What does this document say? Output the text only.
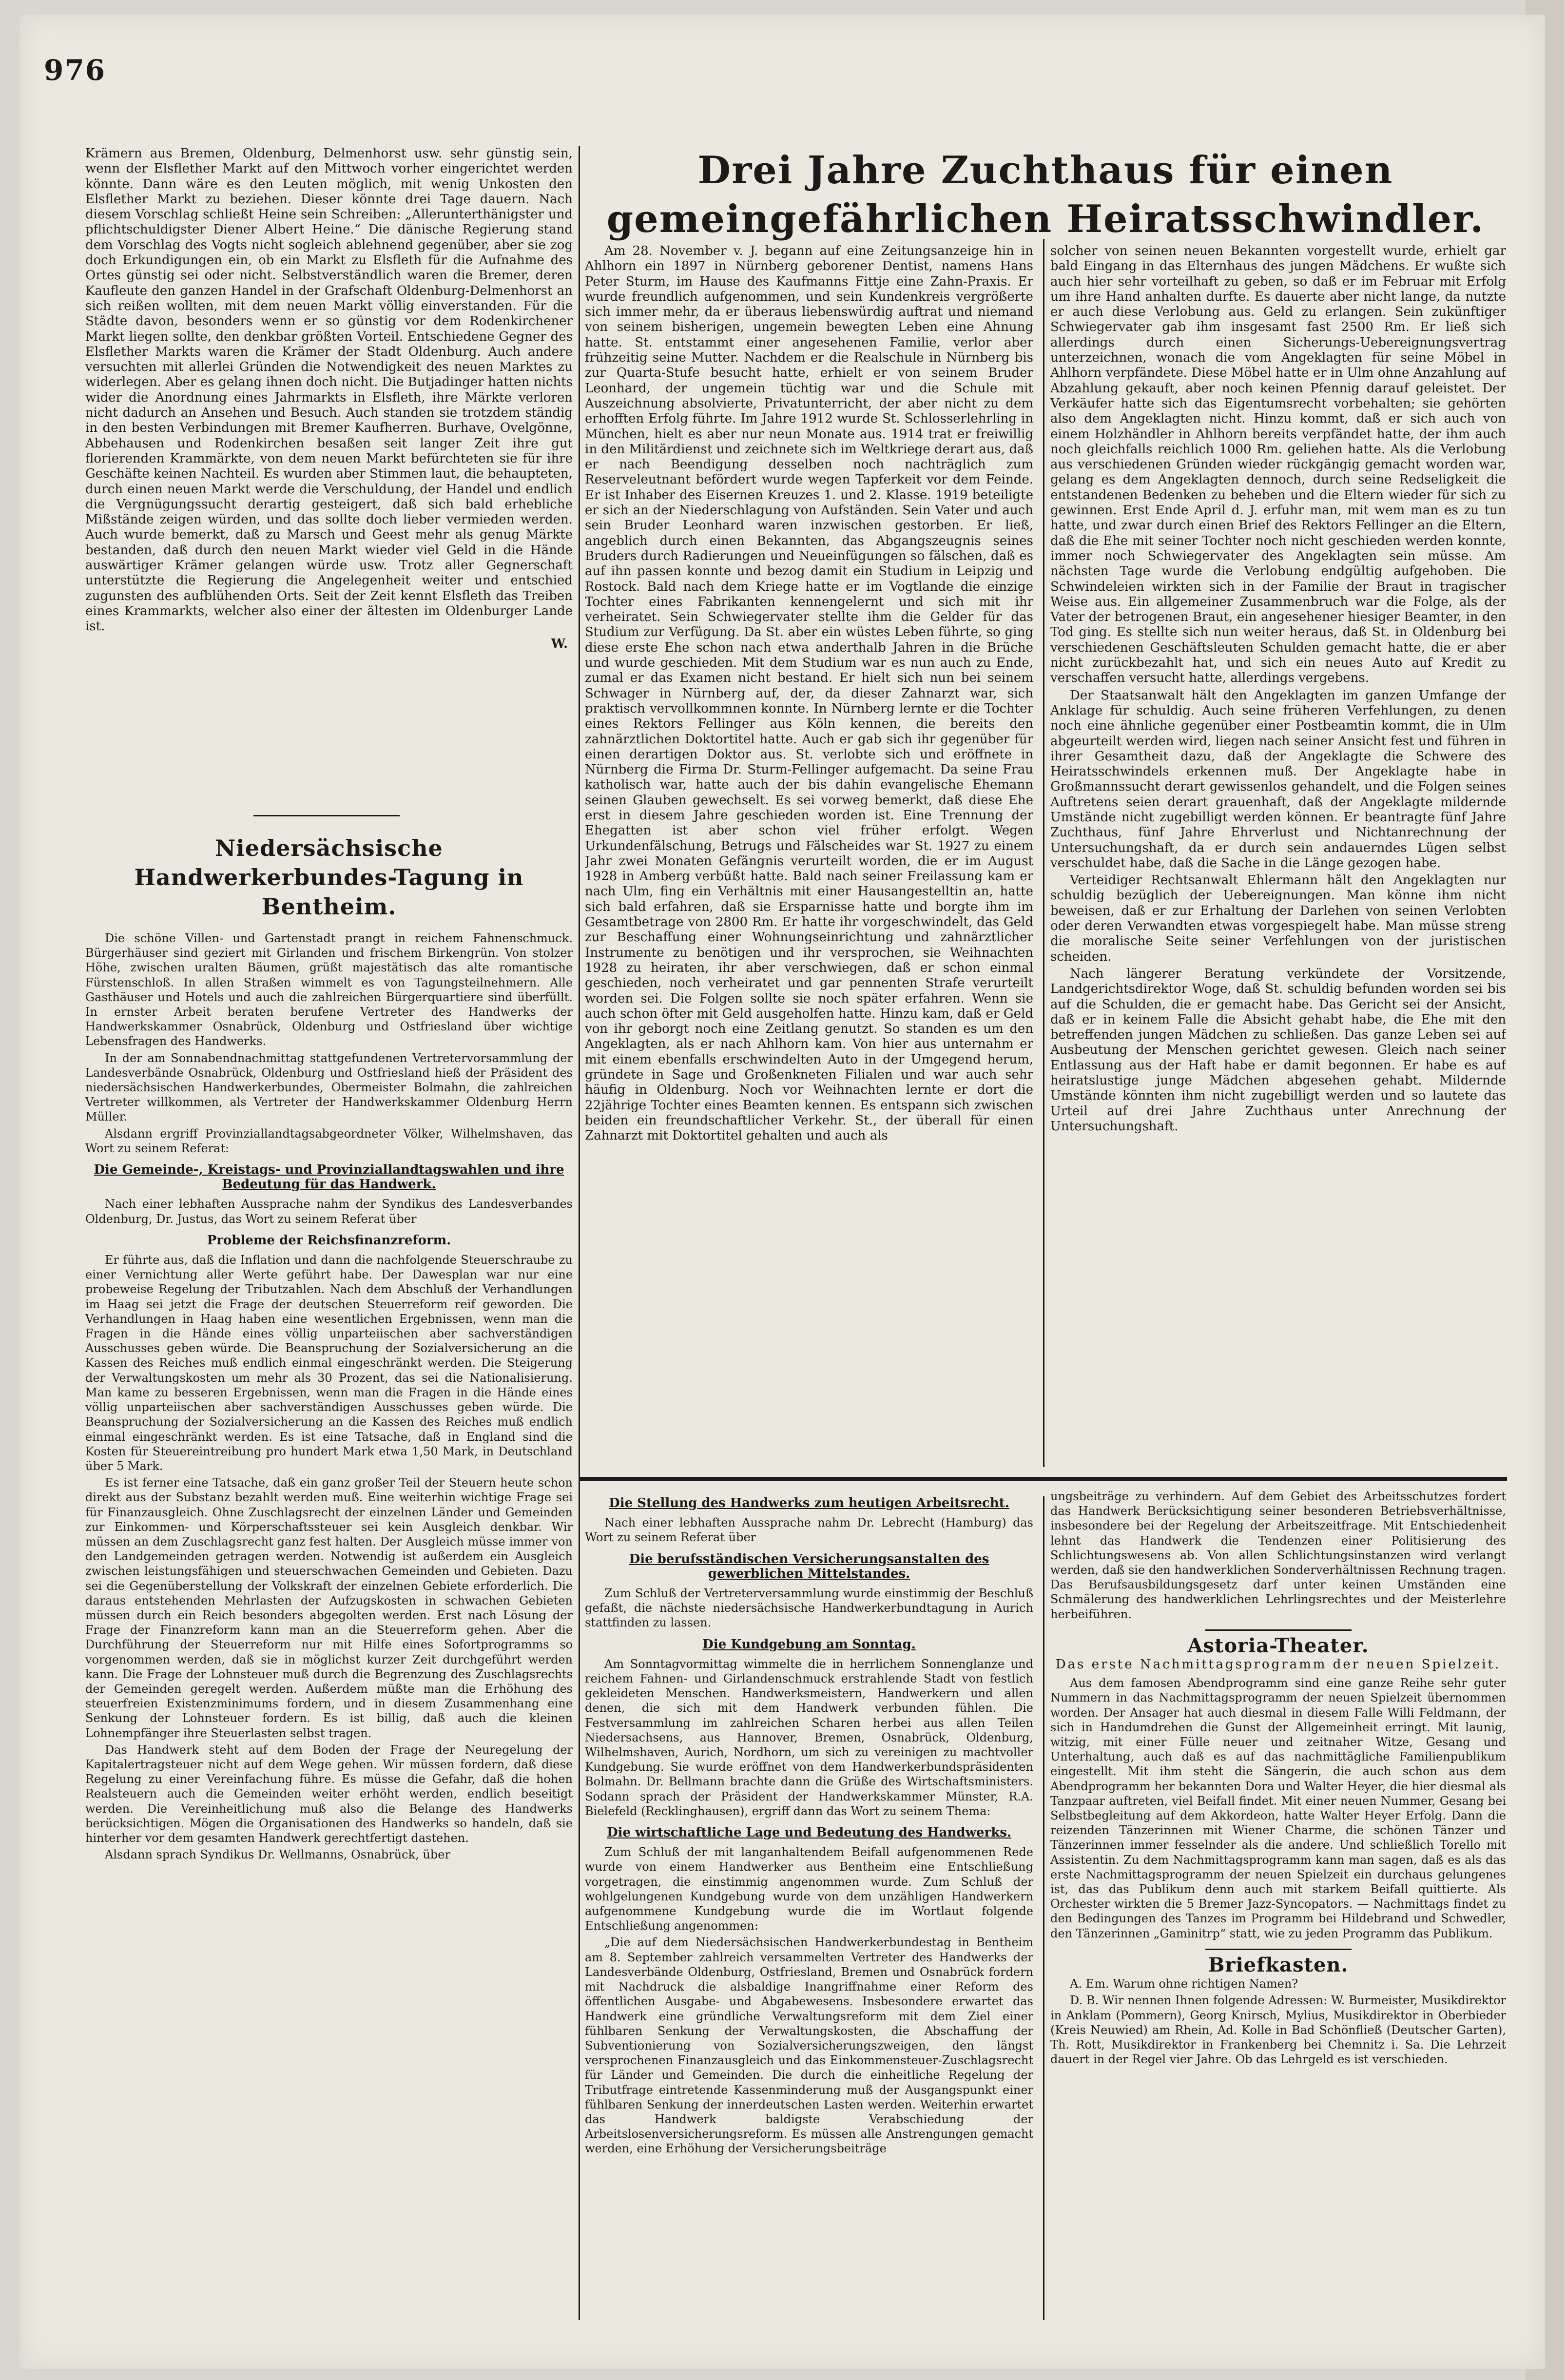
976

Krämern aus Bremen, Oldenburg, Delmenhorst usw. sehr günstig sein, wenn der Elsflether Markt auf den Mittwoch vorher eingerichtet werden könnte. Dann wäre es den Leuten möglich, mit wenig Unkosten den Elsflether Markt zu beziehen. Dieser könnte drei Tage dauern. Nach diesem Vorschlag schließt Heine sein Schreiben: „Allerunterthänigster und pflichtschuldigster Diener Albert Heine.“ Die dänische Regierung stand dem Vorschlag des Vogts nicht sogleich ablehnend gegenüber, aber sie zog doch Erkundigungen ein, ob ein Markt zu Elsfleth für die Aufnahme des Ortes günstig sei oder nicht. Selbstverständlich waren die Bremer, deren Kaufleute den ganzen Handel in der Grafschaft Oldenburg-Delmenhorst an sich reißen wollten, mit dem neuen Markt völlig einverstanden. Für die Städte davon, besonders wenn er so günstig vor dem Rodenkirchener Markt liegen sollte, den denkbar größten Vorteil. Entschiedene Gegner des Elsflether Markts waren die Krämer der Stadt Oldenburg. Auch andere versuchten mit allerlei Gründen die Notwendigkeit des neuen Marktes zu widerlegen. Aber es gelang ihnen doch nicht. Die Butjadinger hatten nichts wider die Anordnung eines Jahrmarkts in Elsfleth, ihre Märkte verloren nicht dadurch an Ansehen und Besuch. Auch standen sie trotzdem ständig in den besten Verbindungen mit Bremer Kaufherren. Burhave, Ovelgönne, Abbehausen und Rodenkirchen besaßen seit langer Zeit ihre gut florierenden Krammärkte, von dem neuen Markt befürchteten sie für ihre Geschäfte keinen Nachteil. Es wurden aber Stimmen laut, die behaupteten, durch einen neuen Markt werde die Verschuldung, der Handel und endlich die Vergnügungssucht derartig gesteigert, daß sich bald erhebliche Mißstände zeigen würden, und das sollte doch lieber vermieden werden. Auch wurde bemerkt, daß zu Marsch und Geest mehr als genug Märkte bestanden, daß durch den neuen Markt wieder viel Geld in die Hände auswärtiger Krämer gelangen würde usw. Trotz aller Gegnerschaft unterstützte die Regierung die Angelegenheit weiter und entschied zugunsten des aufblühenden Orts. Seit der Zeit kennt Elsfleth das Treiben eines Krammarkts, welcher also einer der ältesten im Oldenburger Lande ist.

W.
Niedersächsische Handwerkerbundes-Tagung in Bentheim.

Die schöne Villen- und Gartenstadt prangt in reichem Fahnenschmuck. Bürgerhäuser sind geziert mit Girlanden und frischem Birkengrün. Von stolzer Höhe, zwischen uralten Bäumen, grüßt majestätisch das alte romantische Fürstenschloß. In allen Straßen wimmelt es von Tagungsteilnehmern. Alle Gasthäuser und Hotels und auch die zahlreichen Bürgerquartiere sind überfüllt. In ernster Arbeit beraten berufene Vertreter des Handwerks der Handwerkskammer Osnabrück, Oldenburg und Ostfriesland über wichtige Lebensfragen des Handwerks.

In der am Sonnabendnachmittag stattgefundenen Vertretervorsammlung der Landesverbände Osnabrück, Oldenburg und Ostfriesland hieß der Präsident des niedersächsischen Handwerkerbundes, Obermeister Bolmahn, die zahlreichen Vertreter willkommen, als Vertreter der Handwerkskammer Oldenburg Herrn Müller.

Alsdann ergriff Provinziallandtagsabgeordneter Völker, Wilhelmshaven, das Wort zu seinem Referat:

Die Gemeinde-, Kreistags- und Provinziallandtagswahlen und ihre Bedeutung für das Handwerk.

Nach einer lebhaften Aussprache nahm der Syndikus des Landesverbandes Oldenburg, Dr. Justus, das Wort zu seinem Referat über

Probleme der Reichsfinanzreform.

Er führte aus, daß die Inflation und dann die nachfolgende Steuerschraube zu einer Vernichtung aller Werte geführt habe. Der Dawesplan war nur eine probeweise Regelung der Tributzahlen. Nach dem Abschluß der Verhandlungen im Haag sei jetzt die Frage der deutschen Steuerreform reif geworden. Die Verhandlungen in Haag haben eine wesentlichen Ergebnissen, wenn man die Fragen in die Hände eines völlig unparteiischen aber sachverständigen Ausschusses geben würde. Die Beanspruchung der Sozialversicherung an die Kassen des Reiches muß endlich einmal eingeschränkt werden. Die Steigerung der Verwaltungskosten um mehr als 30 Prozent, das sei die Nationalisierung. Man kame zu besseren Ergebnissen, wenn man die Fragen in die Hände eines völlig unparteiischen aber sachverständigen Ausschusses geben würde. Die Beanspruchung der Sozialversicherung an die Kassen des Reiches muß endlich einmal eingeschränkt werden. Es ist eine Tatsache, daß in England sind die Kosten für Steuereintreibung pro hundert Mark etwa 1,50 Mark, in Deutschland über 5 Mark.

Es ist ferner eine Tatsache, daß ein ganz großer Teil der Steuern heute schon direkt aus der Substanz bezahlt werden muß. Eine weiterhin wichtige Frage sei für Finanzausgleich. Ohne Zuschlagsrecht der einzelnen Länder und Gemeinden zur Einkommen- und Körperschaftssteuer sei kein Ausgleich denkbar. Wir müssen an dem Zuschlagsrecht ganz fest halten. Der Ausgleich müsse immer von den Landgemeinden getragen werden. Notwendig ist außerdem ein Ausgleich zwischen leistungsfähigen und steuerschwachen Gemeinden und Gebieten. Dazu sei die Gegenüberstellung der Volkskraft der einzelnen Gebiete erforderlich. Die daraus entstehenden Mehrlasten der Aufzugskosten in schwachen Gebieten müssen durch ein Reich besonders abgegolten werden. Erst nach Lösung der Frage der Finanzreform kann man an die Steuerreform gehen. Aber die Durchführung der Steuerreform nur mit Hilfe eines Sofortprogramms so vorgenommen werden, daß sie in möglichst kurzer Zeit durchgeführt werden kann. Die Frage der Lohnsteuer muß durch die Begrenzung des Zuschlagsrechts der Gemeinden geregelt werden. Außerdem müßte man die Erhöhung des steuerfreien Existenzminimums fordern, und in diesem Zusammenhang eine Senkung der Lohnsteuer fordern. Es ist billig, daß auch die kleinen Lohnempfänger ihre Steuerlasten selbst tragen.

Das Handwerk steht auf dem Boden der Frage der Neuregelung der Kapitalertragsteuer nicht auf dem Wege gehen. Wir müssen fordern, daß diese Regelung zu einer Vereinfachung führe. Es müsse die Gefahr, daß die hohen Realsteuern auch die Gemeinden weiter erhöht werden, endlich beseitigt werden. Die Vereinheitlichung muß also die Belange des Handwerks berücksichtigen. Mögen die Organisationen des Handwerks so handeln, daß sie hinterher vor dem gesamten Handwerk gerechtfertigt dastehen.

Alsdann sprach Syndikus Dr. Wellmanns, Osnabrück, über

Drei Jahre Zuchthaus für einen gemeingefährlichen Heiratsschwindler.

Am 28. November v. J. begann auf eine Zeitungsanzeige hin in Ahlhorn ein 1897 in Nürnberg geborener Dentist, namens Hans Peter Sturm, im Hause des Kaufmanns Fittje eine Zahn-Praxis. Er wurde freundlich aufgenommen, und sein Kundenkreis vergrößerte sich immer mehr, da er überaus liebenswürdig auftrat und niemand von seinem bisherigen, ungemein bewegten Leben eine Ahnung hatte. St. entstammt einer angesehenen Familie, verlor aber frühzeitig seine Mutter. Nachdem er die Realschule in Nürnberg bis zur Quarta-Stufe besucht hatte, erhielt er von seinem Bruder Leonhard, der ungemein tüchtig war und die Schule mit Auszeichnung absolvierte, Privatunterricht, der aber nicht zu dem erhofften Erfolg führte. Im Jahre 1912 wurde St. Schlosserlehrling in München, hielt es aber nur neun Monate aus. 1914 trat er freiwillig in den Militärdienst und zeichnete sich im Weltkriege derart aus, daß er nach Beendigung desselben noch nachträglich zum Reserveleutnant befördert wurde wegen Tapferkeit vor dem Feinde. Er ist Inhaber des Eisernen Kreuzes 1. und 2. Klasse. 1919 beteiligte er sich an der Niederschlagung von Aufständen. Sein Vater und auch sein Bruder Leonhard waren inzwischen gestorben. Er ließ, angeblich durch einen Bekannten, das Abgangszeugnis seines Bruders durch Radierungen und Neueinfügungen so fälschen, daß es auf ihn passen konnte und bezog damit ein Studium in Leipzig und Rostock. Bald nach dem Kriege hatte er im Vogtlande die einzige Tochter eines Fabrikanten kennengelernt und sich mit ihr verheiratet. Sein Schwiegervater stellte ihm die Gelder für das Studium zur Verfügung. Da St. aber ein wüstes Leben führte, so ging diese erste Ehe schon nach etwa anderthalb Jahren in die Brüche und wurde geschieden. Mit dem Studium war es nun auch zu Ende, zumal er das Examen nicht bestand. Er hielt sich nun bei seinem Schwager in Nürnberg auf, der, da dieser Zahnarzt war, sich praktisch vervollkommnen konnte. In Nürnberg lernte er die Tochter eines Rektors Fellinger aus Köln kennen, die bereits den zahnärztlichen Doktortitel hatte. Auch er gab sich ihr gegenüber für einen derartigen Doktor aus. St. verlobte sich und eröffnete in Nürnberg die Firma Dr. Sturm-Fellinger aufgemacht. Da seine Frau katholisch war, hatte auch der bis dahin evangelische Ehemann seinen Glauben gewechselt. Es sei vorweg bemerkt, daß diese Ehe erst in diesem Jahre geschieden worden ist. Eine Trennung der Ehegatten ist aber schon viel früher erfolgt. Wegen Urkundenfälschung, Betrugs und Fälscheides war St. 1927 zu einem Jahr zwei Monaten Gefängnis verurteilt worden, die er im August 1928 in Amberg verbüßt hatte. Bald nach seiner Freilassung kam er nach Ulm, fing ein Verhältnis mit einer Hausangestelltin an, hatte sich bald erfahren, daß sie Ersparnisse hatte und borgte ihm im Gesamtbetrage von 2800 Rm. Er hatte ihr vorgeschwindelt, das Geld zur Beschaffung einer Wohnungseinrichtung und zahnärztlicher Instrumente zu benötigen und ihr versprochen, sie Weihnachten 1928 zu heiraten, ihr aber verschwiegen, daß er schon einmal geschieden, noch verheiratet und gar pennenten Strafe verurteilt worden sei. Die Folgen sollte sie noch später erfahren. Wenn sie auch schon öfter mit Geld ausgeholfen hatte. Hinzu kam, daß er Geld von ihr geborgt noch eine Zeitlang genutzt. So standen es um den Angeklagten, als er nach Ahlhorn kam. Von hier aus unternahm er mit einem ebenfalls erschwindelten Auto in der Umgegend herum, gründete in Sage und Großenkneten Filialen und war auch sehr häufig in Oldenburg. Noch vor Weihnachten lernte er dort die 22jährige Tochter eines Beamten kennen. Es entspann sich zwischen beiden ein freundschaftlicher Verkehr. St., der überall für einen Zahnarzt mit Doktortitel gehalten und auch als

solcher von seinen neuen Bekannten vorgestellt wurde, erhielt gar bald Eingang in das Elternhaus des jungen Mädchens. Er wußte sich auch hier sehr vorteilhaft zu geben, so daß er im Februar mit Erfolg um ihre Hand anhalten durfte. Es dauerte aber nicht lange, da nutzte er auch diese Verlobung aus. Geld zu erlangen. Sein zukünftiger Schwiegervater gab ihm insgesamt fast 2500 Rm. Er ließ sich allerdings durch einen Sicherungs-Uebereignungsvertrag unterzeichnen, wonach die vom Angeklagten für seine Möbel in Ahlhorn verpfändete. Diese Möbel hatte er in Ulm ohne Anzahlung auf Abzahlung gekauft, aber noch keinen Pfennig darauf geleistet. Der Verkäufer hatte sich das Eigentumsrecht vorbehalten; sie gehörten also dem Angeklagten nicht. Hinzu kommt, daß er sich auch von einem Holzhändler in Ahlhorn bereits verpfändet hatte, der ihm auch noch gleichfalls reichlich 1000 Rm. geliehen hatte. Als die Verlobung aus verschiedenen Gründen wieder rückgängig gemacht worden war, gelang es dem Angeklagten dennoch, durch seine Redseligkeit die entstandenen Bedenken zu beheben und die Eltern wieder für sich zu gewinnen. Erst Ende April d. J. erfuhr man, mit wem man es zu tun hatte, und zwar durch einen Brief des Rektors Fellinger an die Eltern, daß die Ehe mit seiner Tochter noch nicht geschieden werden konnte, immer noch Schwiegervater des Angeklagten sein müsse. Am nächsten Tage wurde die Verlobung endgültig aufgehoben. Die Schwindeleien wirkten sich in der Familie der Braut in tragischer Weise aus. Ein allgemeiner Zusammenbruch war die Folge, als der Vater der betrogenen Braut, ein angesehener hiesiger Beamter, in den Tod ging. Es stellte sich nun weiter heraus, daß St. in Oldenburg bei verschiedenen Geschäftsleuten Schulden gemacht hatte, die er aber nicht zurückbezahlt hat, und sich ein neues Auto auf Kredit zu verschaffen versucht hatte, allerdings vergebens.

Der Staatsanwalt hält den Angeklagten im ganzen Umfange der Anklage für schuldig. Auch seine früheren Verfehlungen, zu denen noch eine ähnliche gegenüber einer Postbeamtin kommt, die in Ulm abgeurteilt werden wird, liegen nach seiner Ansicht fest und führen in ihrer Gesamtheit dazu, daß der Angeklagte die Schwere des Heiratsschwindels erkennen muß. Der Angeklagte habe in Großmannssucht derart gewissenlos gehandelt, und die Folgen seines Auftretens seien derart grauenhaft, daß der Angeklagte mildernde Umstände nicht zugebilligt werden können. Er beantragte fünf Jahre Zuchthaus, fünf Jahre Ehrverlust und Nichtanrechnung der Untersuchungshaft, da er durch sein andauerndes Lügen selbst verschuldet habe, daß die Sache in die Länge gezogen habe.

Verteidiger Rechtsanwalt Ehlermann hält den Angeklagten nur schuldig bezüglich der Uebereignungen. Man könne ihm nicht beweisen, daß er zur Erhaltung der Darlehen von seinen Verlobten oder deren Verwandten etwas vorgespiegelt habe. Man müsse streng die moralische Seite seiner Verfehlungen von der juristischen scheiden.

Nach längerer Beratung verkündete der Vorsitzende, Landgerichtsdirektor Woge, daß St. schuldig befunden worden sei bis auf die Schulden, die er gemacht habe. Das Gericht sei der Ansicht, daß er in keinem Falle die Absicht gehabt habe, die Ehe mit den betreffenden jungen Mädchen zu schließen. Das ganze Leben sei auf Ausbeutung der Menschen gerichtet gewesen. Gleich nach seiner Entlassung aus der Haft habe er damit begonnen. Er habe es auf heiratslustige junge Mädchen abgesehen gehabt. Mildernde Umstände könnten ihm nicht zugebilligt werden und so lautete das Urteil auf drei Jahre Zuchthaus unter Anrechnung der Untersuchungshaft.

Die Stellung des Handwerks zum heutigen Arbeitsrecht.

Nach einer lebhaften Aussprache nahm Dr. Lebrecht (Hamburg) das Wort zu seinem Referat über

Die berufsständischen Versicherungsanstalten des gewerblichen Mittelstandes.

Zum Schluß der Vertreterversammlung wurde einstimmig der Beschluß gefaßt, die nächste niedersächsische Handwerkerbundtagung in Aurich stattfinden zu lassen.

Die Kundgebung am Sonntag.

Am Sonntagvormittag wimmelte die in herrlichem Sonnenglanze und reichem Fahnen- und Girlandenschmuck erstrahlende Stadt von festlich gekleideten Menschen. Handwerksmeistern, Handwerkern und allen denen, die sich mit dem Handwerk verbunden fühlen. Die Festversammlung im zahlreichen Scharen herbei aus allen Teilen Niedersachsens, aus Hannover, Bremen, Osnabrück, Oldenburg, Wilhelmshaven, Aurich, Nordhorn, um sich zu vereinigen zu machtvoller Kundgebung. Sie wurde eröffnet von dem Handwerkerbundspräsidenten Bolmahn. Dr. Bellmann brachte dann die Grüße des Wirtschaftsministers. Sodann sprach der Präsident der Handwerkskammer Münster, R.A. Bielefeld (Recklinghausen), ergriff dann das Wort zu seinem Thema:

Die wirtschaftliche Lage und Bedeutung des Handwerks.

Zum Schluß der mit langanhaltendem Beifall aufgenommenen Rede wurde von einem Handwerker aus Bentheim eine Entschließung vorgetragen, die einstimmig angenommen wurde. Zum Schluß der wohlgelungenen Kundgebung wurde von dem unzähligen Handwerkern aufgenommene Kundgebung wurde die im Wortlaut folgende Entschließung angenommen:

„Die auf dem Niedersächsischen Handwerkerbundestag in Bentheim am 8. September zahlreich versammelten Vertreter des Handwerks der Landesverbände Oldenburg, Ostfriesland, Bremen und Osnabrück fordern mit Nachdruck die alsbaldige Inangriffnahme einer Reform des öffentlichen Ausgabe- und Abgabewesens. Insbesondere erwartet das Handwerk eine gründliche Verwaltungsreform mit dem Ziel einer fühlbaren Senkung der Verwaltungskosten, die Abschaffung der Subventionierung von Sozialversicherungszweigen, den längst versprochenen Finanzausgleich und das Einkommensteuer-Zuschlagsrecht für Länder und Gemeinden. Die durch die einheitliche Regelung der Tributfrage eintretende Kassenminderung muß der Ausgangspunkt einer fühlbaren Senkung der innerdeutschen Lasten werden. Weiterhin erwartet das Handwerk baldigste Verabschiedung der Arbeitslosenversicherungsreform. Es müssen alle Anstrengungen gemacht werden, eine Erhöhung der Versicherungsbeiträge

ungsbeiträge zu verhindern. Auf dem Gebiet des Arbeitsschutzes fordert das Handwerk Berücksichtigung seiner besonderen Betriebsverhältnisse, insbesondere bei der Regelung der Arbeitszeitfrage. Mit Entschiedenheit lehnt das Handwerk die Tendenzen einer Politisierung des Schlichtungswesens ab. Von allen Schlichtungsinstanzen wird verlangt werden, daß sie den handwerklichen Sonderverhältnissen Rechnung tragen. Das Berufsausbildungsgesetz darf unter keinen Umständen eine Schmälerung des handwerklichen Lehrlingsrechtes und der Meisterlehre herbeiführen.

Astoria-Theater.
Das erste Nachmittagsprogramm der neuen Spielzeit.

Aus dem famosen Abendprogramm sind eine ganze Reihe sehr guter Nummern in das Nachmittagsprogramm der neuen Spielzeit übernommen worden. Der Ansager hat auch diesmal in diesem Falle Willi Feldmann, der sich in Handumdrehen die Gunst der Allgemeinheit erringt. Mit launig, witzig, mit einer Fülle neuer und zeitnaher Witze, Gesang und Unterhaltung, auch daß es auf das nachmittägliche Familienpublikum eingestellt. Mit ihm steht die Sängerin, die auch schon aus dem Abendprogramm her bekannten Dora und Walter Heyer, die hier diesmal als Tanzpaar auftreten, viel Beifall findet. Mit einer neuen Nummer, Gesang bei Selbstbegleitung auf dem Akkordeon, hatte Walter Heyer Erfolg. Dann die reizenden Tänzerinnen mit Wiener Charme, die schönen Tänzer und Tänzerinnen immer fesselnder als die andere. Und schließlich Torello mit Assistentin. Zu dem Nachmittagsprogramm kann man sagen, daß es als das erste Nachmittagsprogramm der neuen Spielzeit ein durchaus gelungenes ist, das das Publikum denn auch mit starkem Beifall quittierte. Als Orchester wirkten die 5 Bremer Jazz-Syncopators. — Nachmittags findet zu den Bedingungen des Tanzes im Programm bei Hildebrand und Schwedler, den Tänzerinnen „Gaminitrp“ statt, wie zu jeden Programm das Publikum.

Briefkasten.

A. Em. Warum ohne richtigen Namen?

D. B. Wir nennen Ihnen folgende Adressen: W. Burmeister, Musikdirektor in Anklam (Pommern), Georg Knirsch, Mylius, Musikdirektor in Oberbieder (Kreis Neuwied) am Rhein, Ad. Kolle in Bad Schönfließ (Deutscher Garten), Th. Rott, Musikdirektor in Frankenberg bei Chemnitz i. Sa. Die Lehrzeit dauert in der Regel vier Jahre. Ob das Lehrgeld es ist verschieden.
